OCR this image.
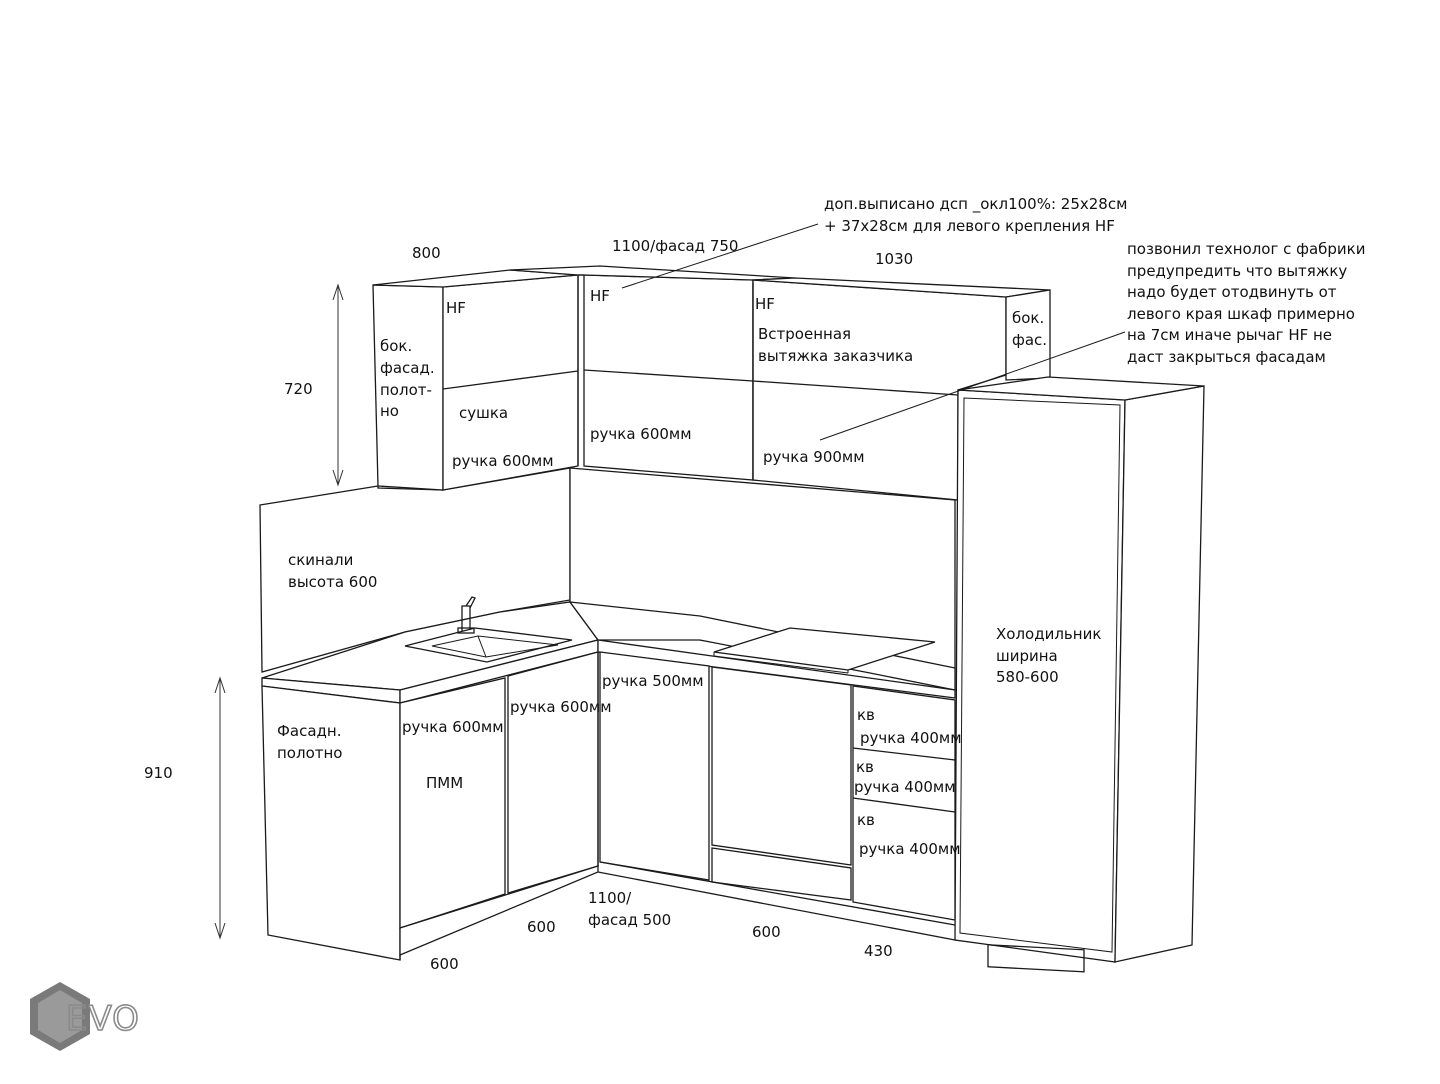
800	1100/фасад 750
1030
720
910
600
600
1100/
фасад 500
600
430
доп.выписано дсп _окл100%: 25х28см
+ 37х28см для левого крепления HF
позвонил технолог с фабрики
предупредить что вытяжку
надо будет отодвинуть от
левого края шкаф примерно
на 7см иначе рычаг HF не
даст закрыться фасадам
бок.
фасад.
полот-
но
HF
HF	HF
сушка
ручка 600мм
ручка 600мм
Встроенная
вытяжка заказчика
ручка 900мм
бок.
фас.
скинали
высота 600
Фасадн.
полотно
ручка 600мм
ПММ
ручка 600мм
ручка 500мм
кв
ручка 400мм
кв
ручка 400мм
кв
ручка 400мм
Холодильник
ширина
580-600
EVO
